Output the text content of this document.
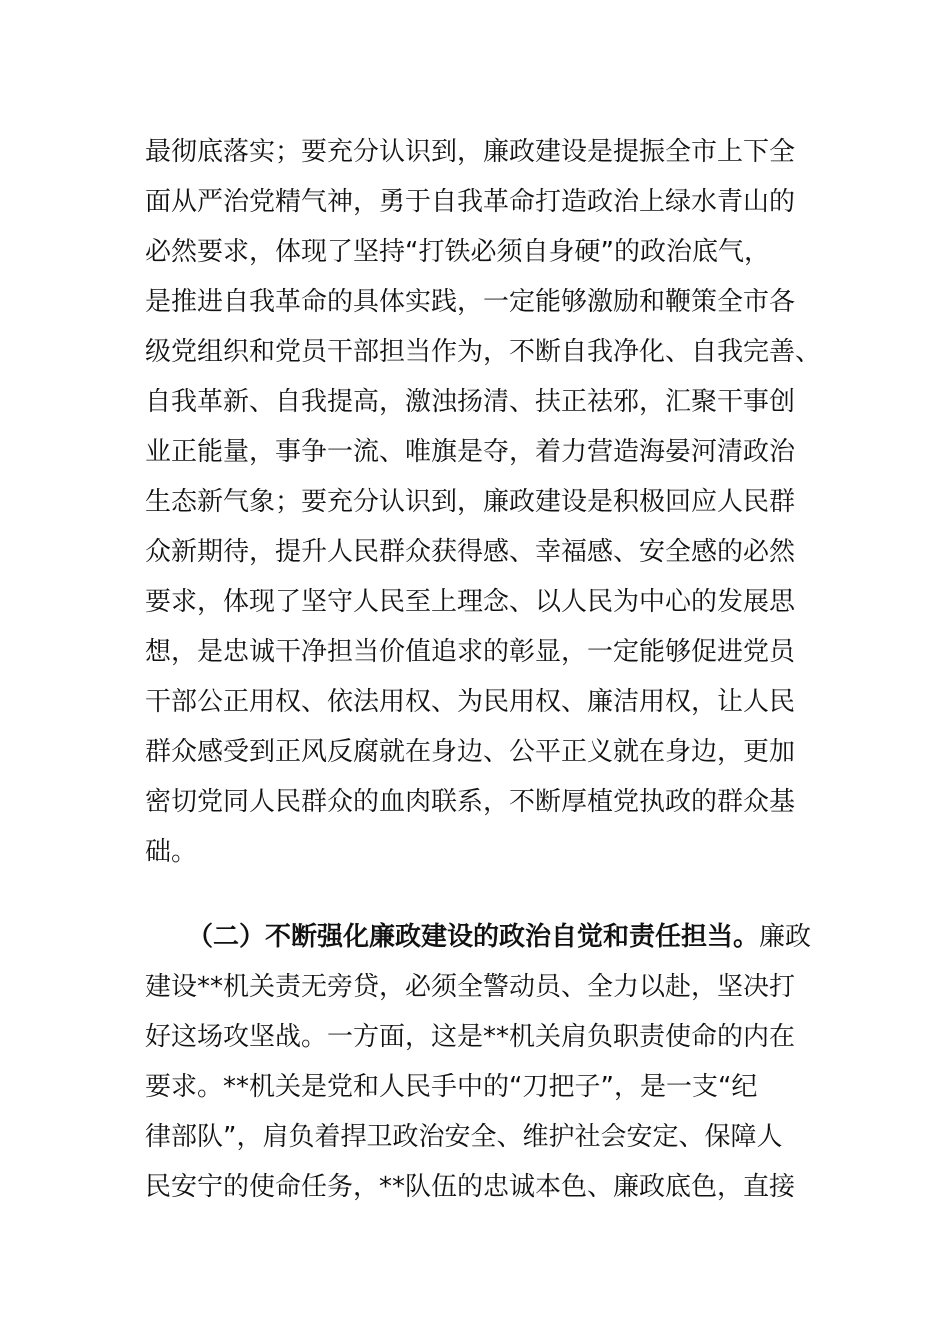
最彻底落实；要充分认识到，廉政建设是提振全市上下全
面从严治党精气神，勇于自我革命打造政治上绿水青山的
必然要求，体现了坚持“打铁必须自身硬”的政治底气，
是推进自我革命的具体实践，一定能够激励和鞭策全市各
级党组织和党员干部担当作为，不断自我净化、自我完善、
自我革新、自我提高，激浊扬清、扶正祛邪，汇聚干事创
业正能量，事争一流、唯旗是夺，着力营造海晏河清政治
生态新气象；要充分认识到，廉政建设是积极回应人民群
众新期待，提升人民群众获得感、幸福感、安全感的必然
要求，体现了坚守人民至上理念、以人民为中心的发展思
想，是忠诚干净担当价值追求的彰显，一定能够促进党员
干部公正用权、依法用权、为民用权、廉洁用权，让人民
群众感受到正风反腐就在身边、公平正义就在身边，更加
密切党同人民群众的血肉联系，不断厚植党执政的群众基
础。
（二）不断强化廉政建设的政治自觉和责任担当。廉政
建设**机关责无旁贷，必须全警动员、全力以赴，坚决打
好这场攻坚战。一方面，这是**机关肩负职责使命的内在
要求。**机关是党和人民手中的“刀把子”，是一支“纪
律部队”，肩负着捍卫政治安全、维护社会安定、保障人
民安宁的使命任务，**队伍的忠诚本色、廉政底色，直接
